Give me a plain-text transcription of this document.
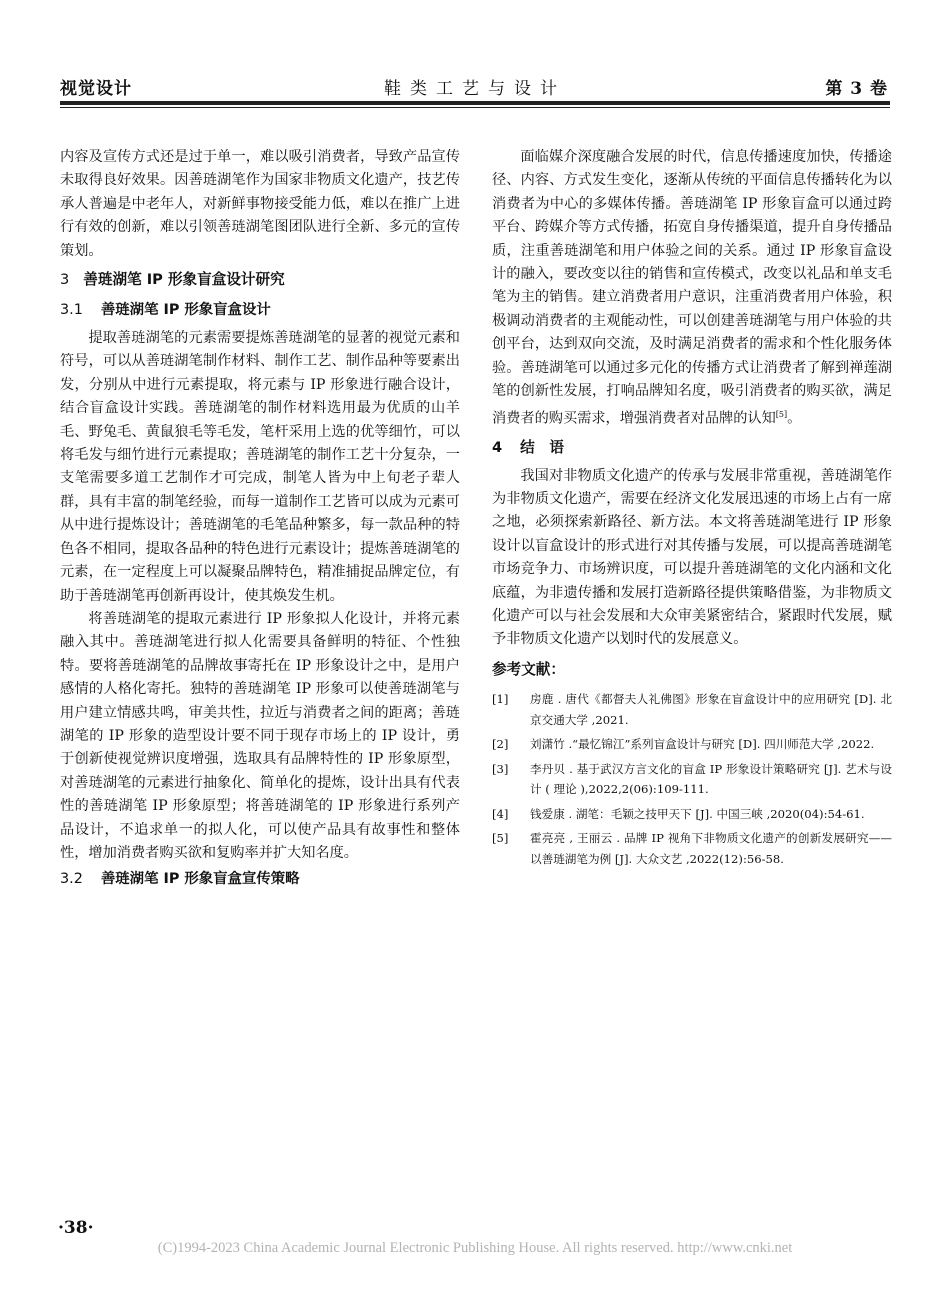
视觉设计	鞋类工艺与设计	第 3 卷

内容及宣传方式还是过于单一，难以吸引消费者，导致产品宣传未取得良好效果。因善琏湖笔作为国家非物质文化遗产，技艺传承人普遍是中老年人，对新鲜事物接受能力低，难以在推广上进行有效的创新，难以引领善琏湖笔图团队进行全新、多元的宣传策划。

3 善琏湖笔 IP 形象盲盒设计研究
3.1 善琏湖笔 IP 形象盲盒设计

提取善琏湖笔的元素需要提炼善琏湖笔的显著的视觉元素和符号，可以从善琏湖笔制作材料、制作工艺、制作品种等要素出发，分别从中进行元素提取，将元素与 IP 形象进行融合设计，结合盲盒设计实践。善琏湖笔的制作材料选用最为优质的山羊毛、野兔毛、黄鼠狼毛等毛发，笔杆采用上选的优等细竹，可以将毛发与细竹进行元素提取；善琏湖笔的制作工艺十分复杂，一支笔需要多道工艺制作才可完成，制笔人皆为中上旬老子辈人群，具有丰富的制笔经验，而每一道制作工艺皆可以成为元素可从中进行提炼设计；善琏湖笔的毛笔品种繁多，每一款品种的特色各不相同，提取各品种的特色进行元素设计；提炼善琏湖笔的元素，在一定程度上可以凝聚品牌特色，精准捕捉品牌定位，有助于善琏湖笔再创新再设计，使其焕发生机。

将善琏湖笔的提取元素进行 IP 形象拟人化设计，并将元素融入其中。善琏湖笔进行拟人化需要具备鲜明的特征、个性独特。要将善琏湖笔的品牌故事寄托在 IP 形象设计之中，是用户感情的人格化寄托。独特的善琏湖笔 IP 形象可以使善琏湖笔与用户建立情感共鸣，审美共性，拉近与消费者之间的距离；善琏湖笔的 IP 形象的造型设计要不同于现存市场上的 IP 设计，勇于创新使视觉辨识度增强，选取具有品牌特性的 IP 形象原型，对善琏湖笔的元素进行抽象化、简单化的提炼，设计出具有代表性的善琏湖笔 IP 形象原型；将善琏湖笔的 IP 形象进行系列产品设计，不追求单一的拟人化，可以使产品具有故事性和整体性，增加消费者购买欲和复购率并扩大知名度。

3.2 善琏湖笔 IP 形象盲盒宣传策略

面临媒介深度融合发展的时代，信息传播速度加快，传播途径、内容、方式发生变化，逐渐从传统的平面信息传播转化为以消费者为中心的多媒体传播。善琏湖笔 IP 形象盲盒可以通过跨平台、跨媒介等方式传播，拓宽自身传播渠道，提升自身传播品质，注重善琏湖笔和用户体验之间的关系。通过 IP 形象盲盒设计的融入，要改变以往的销售和宣传模式，改变以礼品和单支毛笔为主的销售。建立消费者用户意识，注重消费者用户体验，积极调动消费者的主观能动性，可以创建善琏湖笔与用户体验的共创平台，达到双向交流，及时满足消费者的需求和个性化服务体验。善琏湖笔可以通过多元化的传播方式让消费者了解到禅莲湖笔的创新性发展，打响品牌知名度，吸引消费者的购买欲，满足消费者的购买需求，增强消费者对品牌的认知[5]。

4 结　语

我国对非物质文化遗产的传承与发展非常重视，善琏湖笔作为非物质文化遗产，需要在经济文化发展迅速的市场上占有一席之地，必须探索新路径、新方法。本文将善琏湖笔进行 IP 形象设计以盲盒设计的形式进行对其传播与发展，可以提高善琏湖笔市场竞争力、市场辨识度，可以提升善琏湖笔的文化内涵和文化底蕴，为非遗传播和发展打造新路径提供策略借鉴，为非物质文化遗产可以与社会发展和大众审美紧密结合，紧跟时代发展，赋予非物质文化遗产以划时代的发展意义。

参考文献：
[1]	房鹿 . 唐代《都督夫人礼佛图》形象在盲盒设计中的应用研究 [D]. 北京交通大学 ,2021.
[2]	刘潇竹 .“最忆锦江”系列盲盒设计与研究 [D]. 四川师范大学 ,2022.
[3]	李丹贝 . 基于武汉方言文化的盲盒 IP 形象设计策略研究 [J]. 艺术与设计 ( 理论 ),2022,2(06):109-111.
[4]	钱爱康 . 湖笔：毛颖之技甲天下 [J]. 中国三峡 ,2020(04):54-61.
[5]	霍亮亮 , 王丽云 . 品牌 IP 视角下非物质文化遗产的创新发展研究——以善琏湖笔为例 [J]. 大众文艺 ,2022(12):56-58.
·38·
(C)1994-2023 China Academic Journal Electronic Publishing House. All rights reserved. http://www.cnki.net
